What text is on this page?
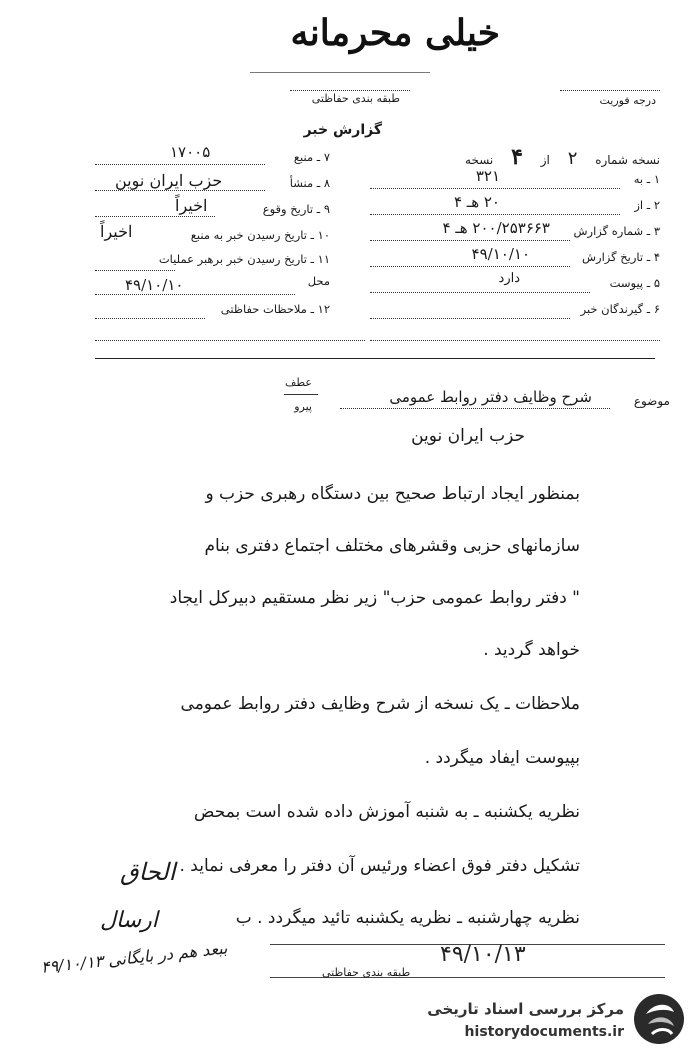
خیلی محرمانه
طبقه بندی حفاظتی	درجه فوریت
گزارش خبر
نسخه شماره ۲ از ۴ نسخه
۱ ـ به
۳۲۱
۲ ـ از
۲۰ هـ ۴
۳ ـ شماره گزارش
۲۰۰/۲۵۳۶۶۳ هـ ۴
۴ ـ تاریخ گزارش
۴۹/۱۰/۱۰
۵ ـ پیوست
دارد
۶ ـ گیرندگان خبر
۷ ـ منبع
۱۷۰۰۵
۸ ـ منشأ
حزب ایران نوین
۹ ـ تاریخ وقوع
اخیراً
۱۰ ـ تاریخ رسیدن خبر به منبع
اخیراً
۱۱ ـ تاریخ رسیدن خبر برهبر عملیات
محل
۴۹/۱۰/۱۰
۱۲ ـ ملاحظات حفاظتی
موضوع
شرح وظایف دفتر روابط عمومی
عطف
پیرو
حزب ایران نوین
بمنظور ایجاد ارتباط صحیح بین دستگاه رهبری حزب و
سازمانهای حزبی وقشرهای مختلف اجتماع دفتری بنام
" دفتر روابط عمومی حزب" زیر نظر مستقیم دبیرکل ایجاد
خواهد گردید .
ملاحظات ـ یک نسخه از شرح وظایف دفتر روابط عمومی
بپیوست ایفاد میگردد .
نظریه یکشنبه ـ به شنبه آموزش داده شده است بمحض
تشکیل دفتر فوق اعضاء ورئیس آن دفتر را معرفی نماید .
نظریه چهارشنبه ـ نظریه یکشنبه تائید میگردد . ب
الحاق
ارسال
۴۹/۱۰/۱۳
طبقه بندی حفاظتی
ببعد هم در بایگانی ۴۹/۱۰/۱۳
مرکز بررسی اسناد تاریخی
historydocuments.ir
